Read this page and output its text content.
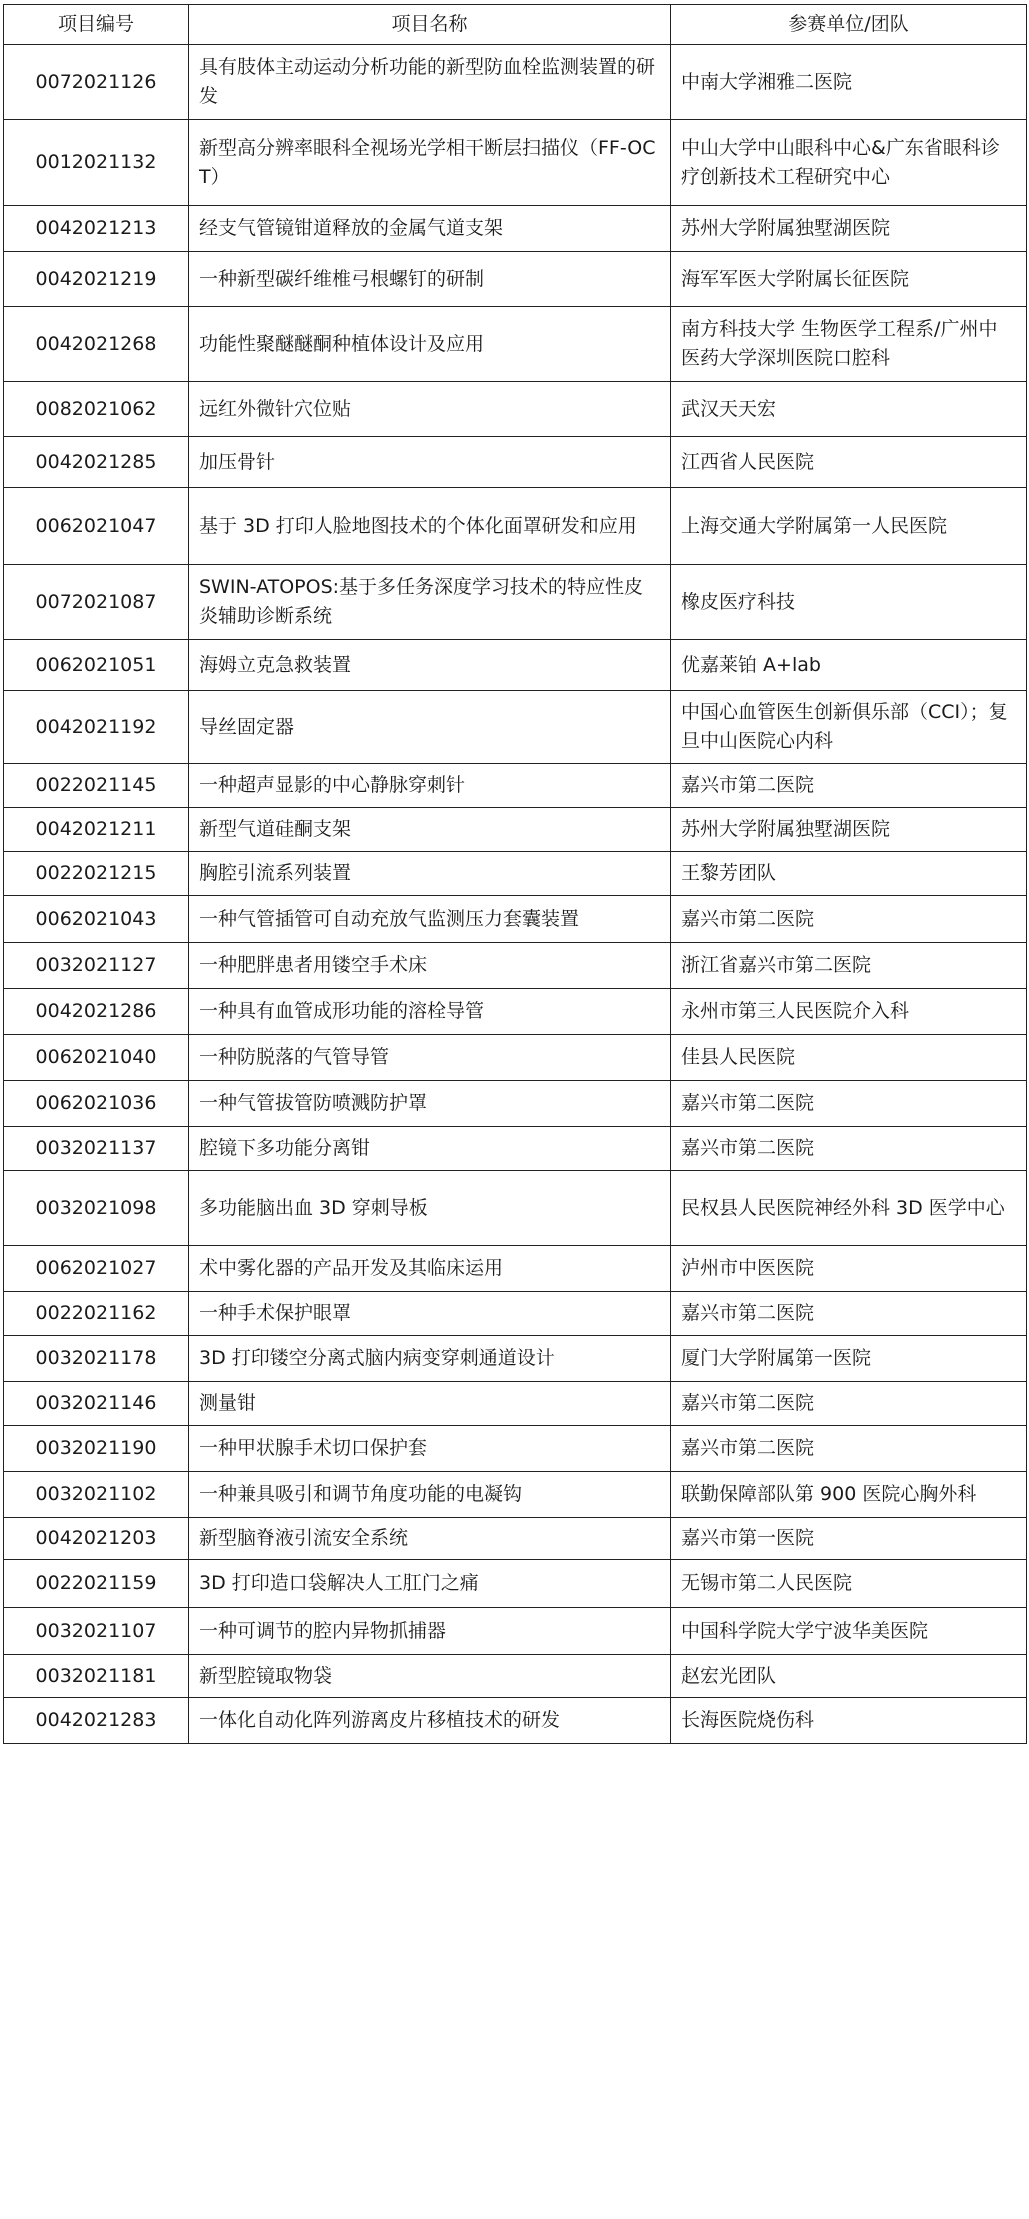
项目编号	项目名称	参赛单位/团队
0072021126	具有肢体主动运动分析功能的新型防血栓监测装置的研发	中南大学湘雅二医院
0012021132	新型高分辨率眼科全视场光学相干断层扫描仪（FF-OCT）	中山大学中山眼科中心&广东省眼科诊疗创新技术工程研究中心
0042021213	经支气管镜钳道释放的金属气道支架	苏州大学附属独墅湖医院
0042021219	一种新型碳纤维椎弓根螺钉的研制	海军军医大学附属长征医院
0042021268	功能性聚醚醚酮种植体设计及应用	南方科技大学 生物医学工程系/广州中医药大学深圳医院口腔科
0082021062	远红外微针穴位贴	武汉天天宏
0042021285	加压骨针	江西省人民医院
0062021047	基于 3D 打印人脸地图技术的个体化面罩研发和应用	上海交通大学附属第一人民医院
0072021087	SWIN-ATOPOS:基于多任务深度学习技术的特应性皮炎辅助诊断系统	橡皮医疗科技
0062021051	海姆立克急救装置	优嘉莱铂 A+lab
0042021192	导丝固定器	中国心血管医生创新俱乐部（CCI）；复旦中山医院心内科
0022021145	一种超声显影的中心静脉穿刺针	嘉兴市第二医院
0042021211	新型气道硅酮支架	苏州大学附属独墅湖医院
0022021215	胸腔引流系列装置	王黎芳团队
0062021043	一种气管插管可自动充放气监测压力套囊装置	嘉兴市第二医院
0032021127	一种肥胖患者用镂空手术床	浙江省嘉兴市第二医院
0042021286	一种具有血管成形功能的溶栓导管	永州市第三人民医院介入科
0062021040	一种防脱落的气管导管	佳县人民医院
0062021036	一种气管拔管防喷溅防护罩	嘉兴市第二医院
0032021137	腔镜下多功能分离钳	嘉兴市第二医院
0032021098	多功能脑出血 3D 穿刺导板	民权县人民医院神经外科 3D 医学中心
0062021027	术中雾化器的产品开发及其临床运用	泸州市中医医院
0022021162	一种手术保护眼罩	嘉兴市第二医院
0032021178	3D 打印镂空分离式脑内病变穿刺通道设计	厦门大学附属第一医院
0032021146	测量钳	嘉兴市第二医院
0032021190	一种甲状腺手术切口保护套	嘉兴市第二医院
0032021102	一种兼具吸引和调节角度功能的电凝钩	联勤保障部队第 900 医院心胸外科
0042021203	新型脑脊液引流安全系统	嘉兴市第一医院
0022021159	3D 打印造口袋解决人工肛门之痛	无锡市第二人民医院
0032021107	一种可调节的腔内异物抓捕器	中国科学院大学宁波华美医院
0032021181	新型腔镜取物袋	赵宏光团队
0042021283	一体化自动化阵列游离皮片移植技术的研发	长海医院烧伤科
